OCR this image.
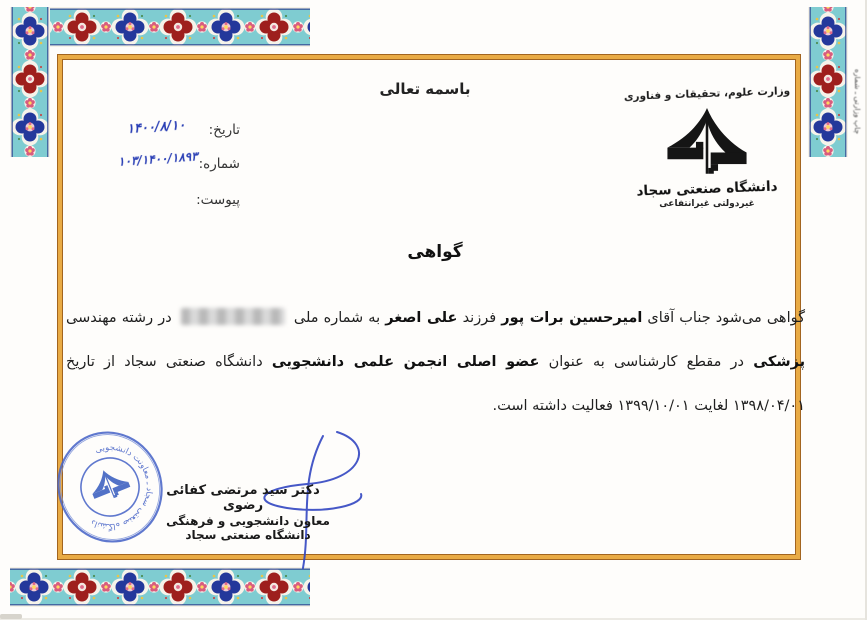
باسمه تعالی
تاریخ:
۱۴۰۰/۸/۱۰
شماره:
۱۰۳/۱۴۰۰/۱۸۹۳
پیوست:
وزارت علوم، تحقیقات و فناوری
دانشگاه صنعتی سجاد
غیردولتی غیرانتفاعی
گواهی
گواهی می‌شود جناب آقای امیرحسین برات پور فرزند علی اصغر به شماره ملی  در رشته مهندسی
پزشکی در مقطع کارشناسی به عنوان عضو اصلی انجمن علمی دانشجویی دانشگاه صنعتی سجاد از تاریخ
۱۳۹۸/۰۴/۰۱ لغایت ۱۳۹۹/۱۰/۰۱ فعالیت داشته است.
دانشگاه صنعتی سجاد ـ معاونت دانشجویی
دکتر سید مرتضی کفائی رضوی
معاون دانشجویی و فرهنگی دانشگاه صنعتی سجاد
چاپ وزارتی ـ شماره
